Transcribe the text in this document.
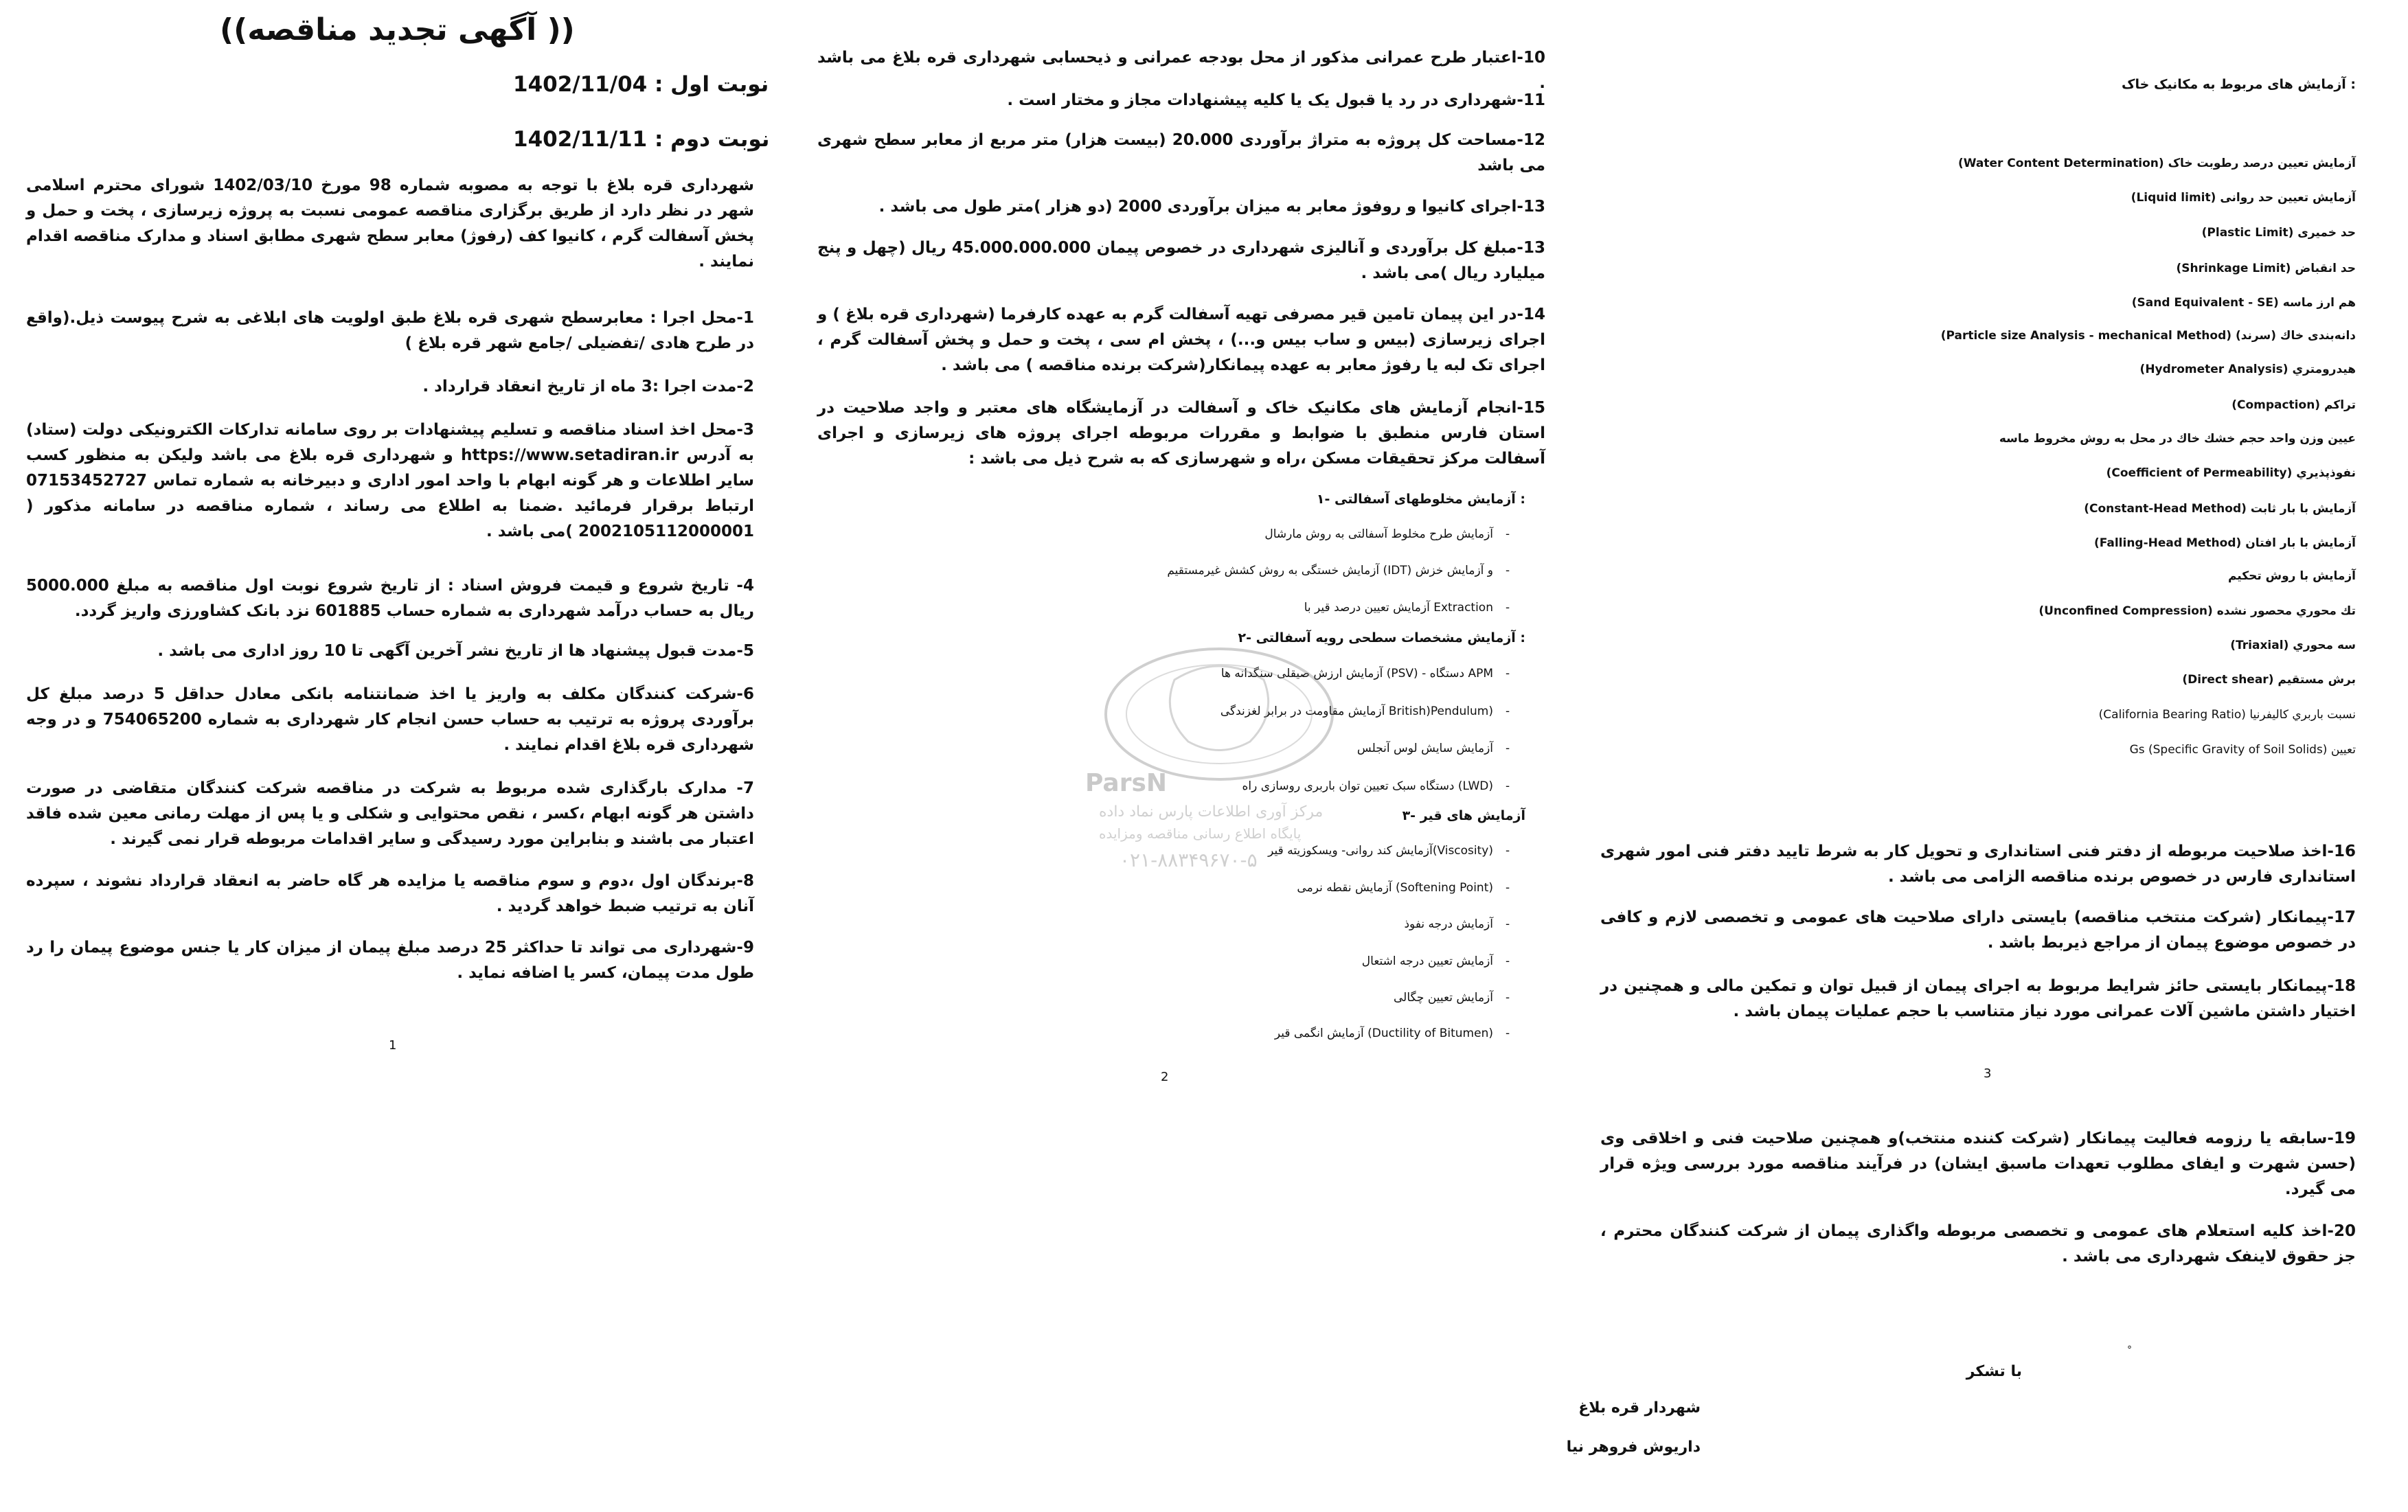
((آگهی تجدید مناقصه ))
نوبت اول : 1402/11/04
نوبت دوم : 1402/11/11
شهرداری قره بلاغ با توجه به مصوبه شماره 98 مورخ 1402/03/10 شورای محترم اسلامی شهر در نظر دارد از طریق برگزاری مناقصه عمومی نسبت به پروژه زیرسازی ، پخت و حمل و پخش آسفالت گرم ، کانیوا کف (رفوژ) معابر سطح شهری مطابق اسناد و مدارک مناقصه اقدام نمایند .
1-محل اجرا : معابرسطح شهری قره بلاغ طبق اولویت های ابلاغی به شرح پیوست ذیل.(واقع در طرح هادی /تفضیلی /جامع شهر قره بلاغ )
2-مدت اجرا :3 ماه از تاریخ انعقاد قرارداد .
3-محل اخذ اسناد مناقصه و تسلیم پیشنهادات بر روی سامانه تدارکات الکترونیکی دولت (ستاد) به آدرس https://www.setadiran.ir و شهرداری قره بلاغ می باشد ولیکن به منظور کسب سایر اطلاعات و هر گونه ابهام با واحد امور اداری و دبیرخانه به شماره تماس 07153452727 ارتباط برقرار فرمائید .ضمنا به اطلاع می رساند ، شماره مناقصه در سامانه مذکور ( 2002105112000001 )می باشد .
4- تاریخ شروع و قیمت فروش اسناد : از تاریخ شروع نوبت اول مناقصه به مبلغ 5000.000 ریال به حساب درآمد شهرداری به شماره حساب 601885 نزد بانک کشاورزی واریز گردد.
5-مدت قبول پیشنهاد ها از تاریخ نشر آخرین آگهی تا 10 روز اداری می باشد .
6-شرکت کنندگان مکلف به واریز یا اخذ ضمانتنامه بانکی معادل حداقل 5 درصد مبلغ کل برآوردی پروژه به ترتیب به حساب حسن انجام کار شهرداری به شماره 754065200 و در وجه شهرداری قره بلاغ اقدام نمایند .
7- مدارک بارگذاری شده مربوط به شرکت در مناقصه شرکت کنندگان متقاضی در صورت داشتن هر گونه ابهام ،کسر ، نقص محتوایی و شکلی و یا پس از مهلت رمانی معین شده فاقد اعتبار می باشند و بنابراین مورد رسیدگی و سایر اقدامات مربوطه قرار نمی گیرند .
8-برندگان اول ،دوم و سوم مناقصه یا مزایده هر گاه حاضر به انعقاد قرارداد نشوند ، سپرده آنان به ترتیب ضبط خواهد گردید .
9-شهرداری می تواند تا حداکثر 25 درصد مبلغ پیمان از میزان کار یا جنس موضوع پیمان را رد طول مدت پیمان، کسر یا اضافه نماید .
1
10-اعتبار طرح عمرانی مذکور از محل بودجه عمرانی و ذیحسابی شهرداری قره بلاغ می باشد .
11-شهرداری در رد یا قبول یک یا کلیه پیشنهادات مجاز و مختار است .
12-مساحت کل پروژه به متراژ برآوردی 20.000 (بیست هزار) متر مربع از معابر سطح شهری می باشد
13-اجرای کانیوا و روفوژ معابر به میزان برآوردی 2000 (دو هزار )متر طول می باشد .
13-مبلغ کل برآوردی و آنالیزی شهرداری در خصوص پیمان 45.000.000.000 ریال (چهل و پنج میلیارد ریال )می باشد .
14-در این پیمان تامین قیر مصرفی تهیه آسفالت گرم به عهده کارفرما (شهرداری قره بلاغ ) و اجرای زیرسازی (بیس و ساب بیس و...) ، پخش ام سی ، پخت و حمل و پخش آسفالت گرم ، اجرای تک لبه یا رفوژ معابر به عهده پیمانکار(شرکت برنده مناقصه ) می باشد .
15-انجام آزمایش های مکانیک خاک و آسفالت در آزمایشگاه های معتبر و واجد صلاحیت در استان فارس منطبق با ضوابط و مقررات مربوطه اجرای پروژه های زیرسازی و اجرای آسفالت مرکز تحقیقات مسکن ،راه و شهرسازی که به شرح ذیل می باشد :
۱- آزمایش مخلوطهای آسفالتی :
آزمایش طرح مخلوط آسفالتی به روش مارشال
آزمایش خستگی به روش کشش غیرمستقیم (IDT) و آزمایش خزش
آزمایش تعیین درصد قیر با Extraction
۲- آزمایش مشخصات سطحی رویه آسفالتی :
آزمایش ارزش صیقلی سنگدانه ها (PSV) - دستگاه APM
آزمایش مقاومت در برابر لغزندگی British)Pendulum)
آزمایش سایش لوس آنجلس
دستگاه سبک تعیین توان باربری روسازی راه (LWD)
۳- آزمایش های قیر
آزمایش کند روانی- ویسکوزیته قیر(Viscosity)
آزمایش نقطه نرمی (Softening Point)
آزمایش درجه نفوذ
آزمایش تعیین درجه اشتعال
آزمایش تعیین چگالی
آزمایش انگمی قیر (Ductility of Bitumen)
2
-
-
-
-
-
-
-
-
-
-
-
-
-
ParsN
مرکز آوری اطلاعات پارس نماد داده
پایگاه اطلاع رسانی مناقصه ومزایده
۰۲۱-۸۸۳۴۹۶۷۰-۵
آزمایش های مربوط به مکانیک خاک :
آزمایش تعیین درصد رطوبت خاک (Water Content Determination)
آزمایش تعیین حد روانی (Liquid limit)
حد خمیری (Plastic Limit)
حد انقباض (Shrinkage Limit)
هم ارز ماسه (Sand Equivalent - SE)
دانه‌بندی خاك (سرند) (Particle size Analysis - mechanical Method)
هیدرومتري (Hydrometer Analysis)
تراكم (Compaction)
عیین وزن واحد حجم خشك خاك در محل به روش مخروط ماسه
نفوذپذیري (Coefficient of Permeability)
آزمایش با بار ثابت (Constant-Head Method)
آزمایش با بار افتان (Falling-Head Method)
آزمایش با روش تحكیم
تك محوري محصور نشده (Unconfined Compression)
سه محوري (Triaxial)
برش مستقیم (Direct shear)
نسبت باربري كالیفرنیا (California Bearing Ratio)
تعیین Gs (Specific Gravity of Soil Solids)
16-اخذ صلاحیت مربوطه از دفتر فنی استانداری و تحویل کار به شرط تایید دفتر فنی امور شهری استانداری فارس در خصوص برنده مناقصه الزامی می باشد .
17-پیمانکار (شرکت منتخب مناقصه) بایستی دارای صلاحیت های عمومی و تخصصی لازم و کافی در خصوص موضوع پیمان از مراجع ذیربط باشد .
18-پیمانکار بایستی حائز شرایط مربوط به اجرای پیمان از قبیل توان و تمکین مالی و همچنین در اختیار داشتن ماشین آلات عمرانی مورد نیاز متناسب با حجم عملیات پیمان باشد .
3
19-سابقه یا رزومه فعالیت پیمانکار (شرکت کننده منتخب)و همچنین صلاحیت فنی و اخلاقی وی (حسن شهرت و ایفای مطلوب تعهدات ماسبق ایشان) در فرآیند مناقصه مورد بررسی ویژه قرار می گیرد.
20-اخذ کلیه استعلام های عمومی و تخصصی مربوطه واگذاری پیمان از شرکت کنندگان محترم ، جز حقوق لاینفک شهرداری می باشد .
°
با تشکر
شهردار قره بلاغ
داریوش فروهر نیا
